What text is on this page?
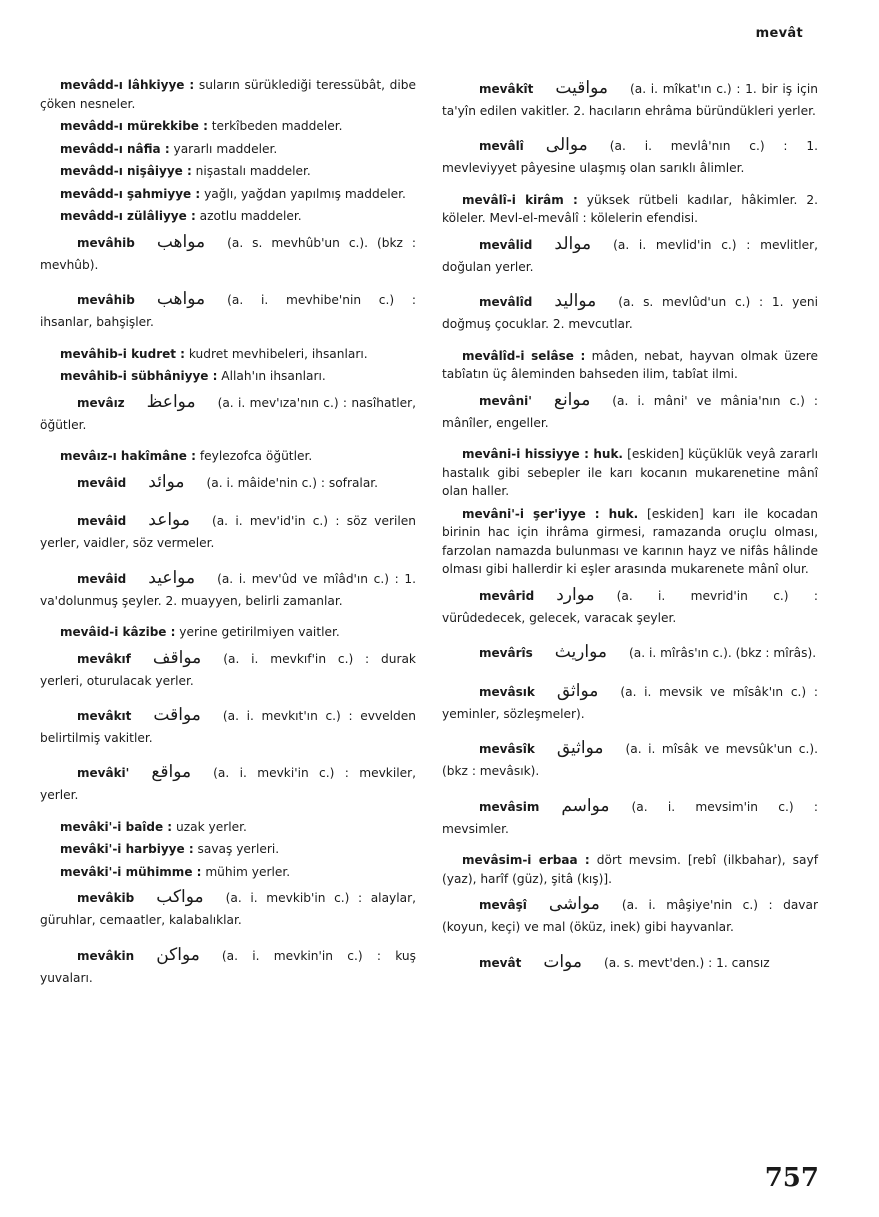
mevât
mevâdd-ı lâhkiyye : suların sürüklediği teressübât, dibe çöken nesneler.
mevâdd-ı mürekkibe : terkîbeden maddeler.
mevâdd-ı nâfia : yararlı maddeler.
mevâdd-ı nişâiyye : nişastalı maddeler.
mevâdd-ı şahmiyye : yağlı, yağdan yapılmış maddeler.
mevâdd-ı zülâliyye : azotlu maddeler.
mevâhib مواهب (a. s. mevhûb'un c.). (bkz : mevhûb).
mevâhib مواهب (a. i. mevhibe'nin c.) : ihsanlar, bahşişler.
mevâhib-i kudret : kudret mevhibeleri, ihsanları.
mevâhib-i sübhâniyye : Allah'ın ihsanları.
mevâız مواعظ (a. i. mev'ıza'nın c.) : nasîhatler, öğütler.
mevâız-ı hakîmâne : feylezofca öğütler.
mevâid موائد (a. i. mâide'nin c.) : sofralar.
mevâid مواعد (a. i. mev'id'in c.) : söz verilen yerler, vaidler, söz vermeler.
mevâid مواعيد (a. i. mev'ûd ve mîâd'ın c.) : 1. va'dolunmuş şeyler. 2. muayyen, belirli zamanlar.
mevâid-i kâzibe : yerine getirilmiyen vaitler.
mevâkıf مواقف (a. i. mevkıf'in c.) : durak yerleri, oturulacak yerler.
mevâkıt مواقت (a. i. mevkıt'ın c.) : evvelden belirtilmiş vakitler.
mevâki' مواقع (a. i. mevki'in c.) : mevkiler, yerler.
mevâki'-i baîde : uzak yerler.
mevâki'-i harbiyye : savaş yerleri.
mevâki'-i mühimme : mühim yerler.
mevâkib مواكب (a. i. mevkib'in c.) : alaylar, güruhlar, cemaatler, kalabalıklar.
mevâkin مواكن (a. i. mevkin'in c.) : kuş yuvaları.
mevâkît مواقيت (a. i. mîkat'ın c.) : 1. bir iş için ta'yîn edilen vakitler. 2. hacıların ehrâma büründükleri yerler.
mevâlî موالى (a. i. mevlâ'nın c.) : 1. mevleviyyet pâyesine ulaşmış olan sarıklı âlimler.
mevâlî-i kirâm : yüksek rütbeli kadılar, hâkimler. 2. köleler. Mevl-el-mevâlî : kölelerin efendisi.
mevâlid موالد (a. i. mevlid'in c.) : mevlitler, doğulan yerler.
mevâlîd مواليد (a. s. mevlûd'un c.) : 1. yeni doğmuş çocuklar. 2. mevcutlar.
mevâlîd-i selâse : mâden, nebat, hayvan olmak üzere tabîatın üç âleminden bahseden ilim, tabîat ilmi.
mevâni' موانع (a. i. mâni' ve mânia'nın c.) : mânîler, engeller.
mevâni-i hissiyye : huk. [eskiden] küçüklük veyâ zararlı hastalık gibi sebepler ile karı kocanın mukarenetine mânî olan haller.
mevâni'-i şer'iyye : huk. [eskiden] karı ile kocadan birinin hac için ihrâma girmesi, ramazanda oruçlu olması, farzolan namazda bulunması ve karının hayz ve nifâs hâlinde olması gibi hallerdir ki eşler arasında mukarenete mânî olur.
mevârid موارد (a. i. mevrid'in c.) : vürûdedecek, gelecek, varacak şeyler.
mevârîs مواريث (a. i. mîrâs'ın c.). (bkz : mîrâs).
mevâsık مواثق (a. i. mevsik ve mîsâk'ın c.) : yeminler, sözleşmeler).
mevâsîk مواثيق (a. i. mîsâk ve mevsûk'un c.). (bkz : mevâsık).
mevâsim مواسم (a. i. mevsim'in c.) : mevsimler.
mevâsim-i erbaa : dört mevsim. [rebî (ilkbahar), sayf (yaz), harîf (güz), şitâ (kış)].
mevâşî مواشى (a. i. mâşiye'nin c.) : davar (koyun, keçi) ve mal (öküz, inek) gibi hayvanlar.
mevât موات (a. s. mevt'den.) : 1. cansız
757
